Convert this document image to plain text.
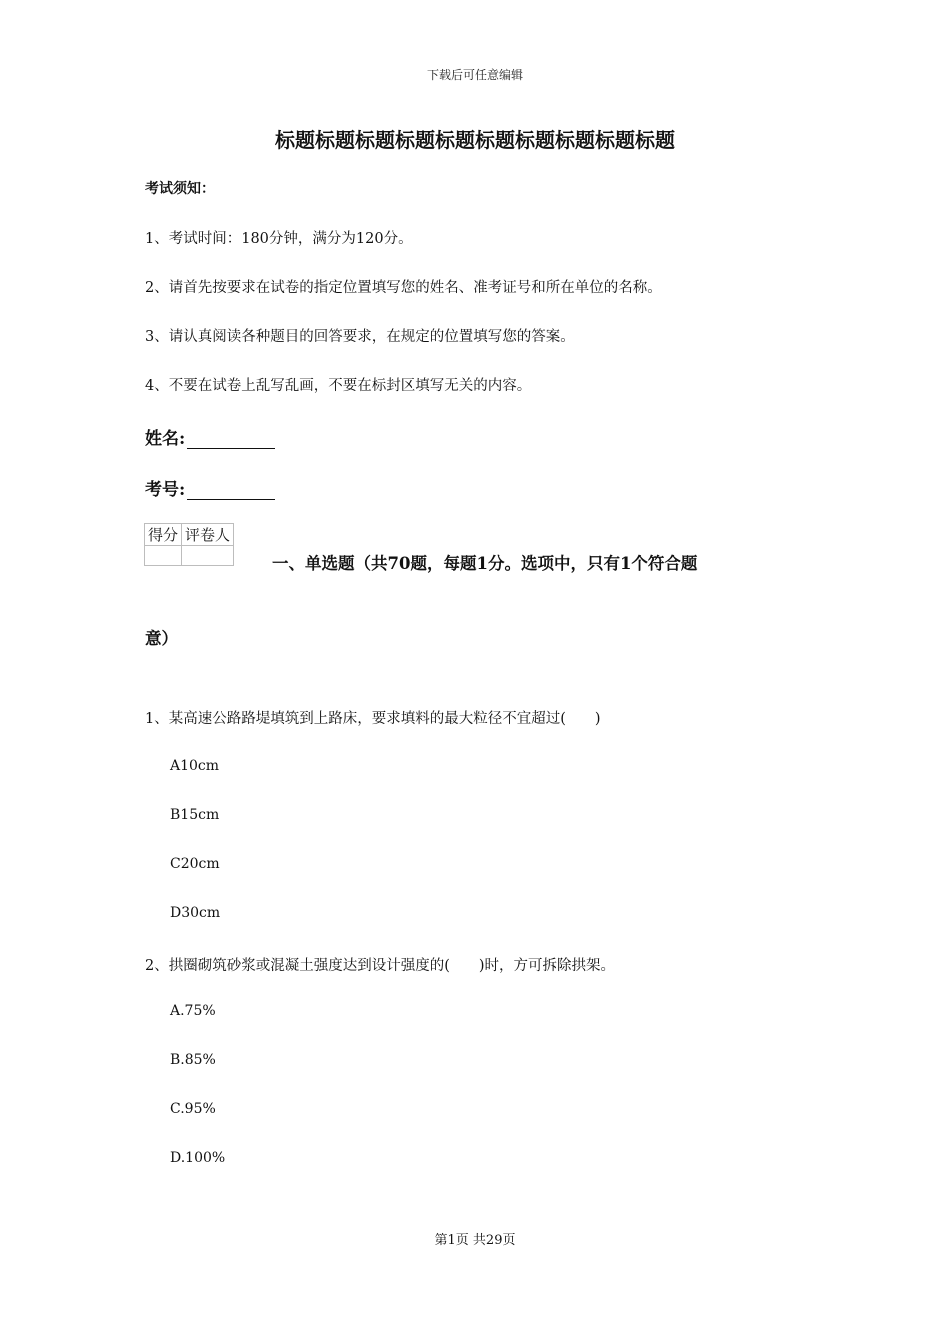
下载后可任意编辑
标题标题标题标题标题标题标题标题标题标题
考试须知：
1、考试时间：180分钟，满分为120分。
2、请首先按要求在试卷的指定位置填写您的姓名、准考证号和所在单位的名称。
3、请认真阅读各种题目的回答要求，在规定的位置填写您的答案。
4、不要在试卷上乱写乱画，不要在标封区填写无关的内容。
姓名:
考号:
得分	评卷人

一、单选题（共70题，每题1分。选项中，只有1个符合题
意）
1、某高速公路路堤填筑到上路床，要求填料的最大粒径不宜超过(　　)
A10cm
B15cm
C20cm
D30cm
2、拱圈砌筑砂浆或混凝土强度达到设计强度的(　　)时，方可拆除拱架。
A.75%
B.85%
C.95%
D.100%
第1页 共29页
